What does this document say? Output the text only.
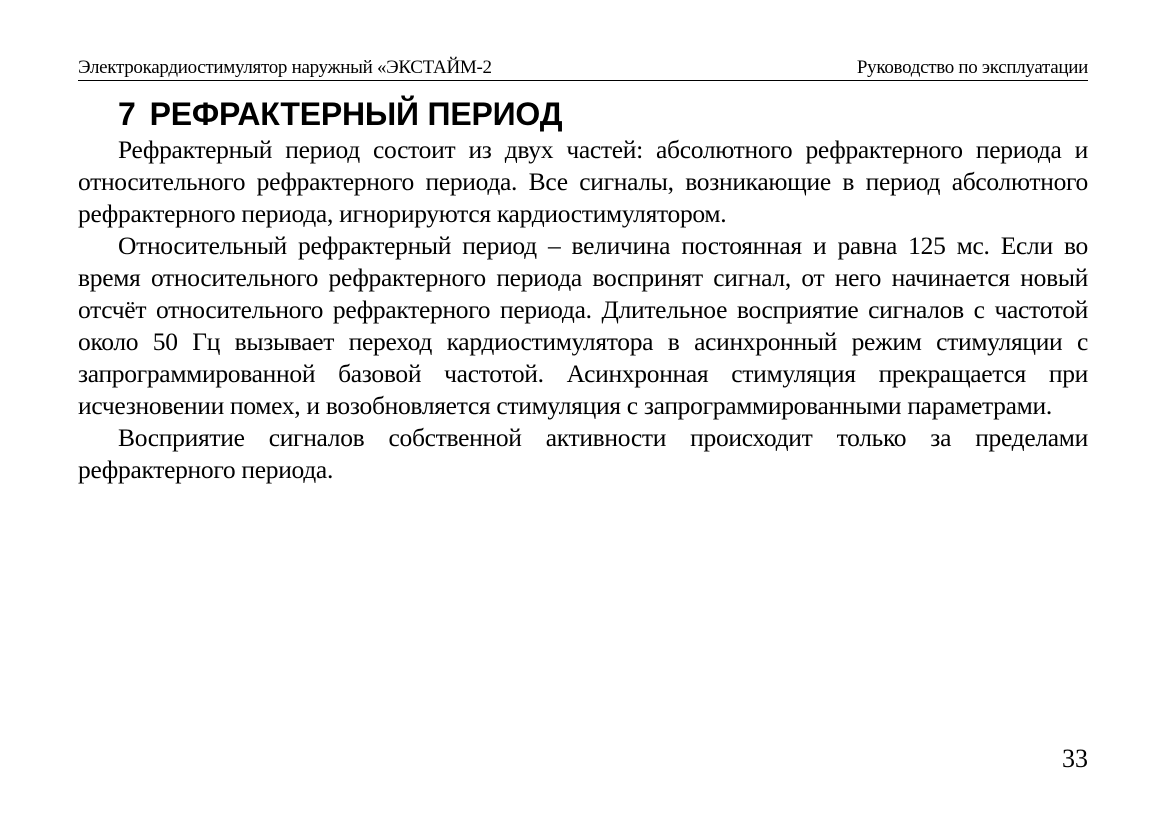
Электрокардиостимулятор наружный «ЭКСТАЙМ-2	Руководство по эксплуатации
7 РЕФРАКТЕРНЫЙ ПЕРИОД

Рефрактерный период состоит из двух частей: абсолютного рефрактерного периода и относительного рефрактерного периода. Все сигналы, возникающие в период абсолютного рефрактерного периода, игнорируются кардиостимулятором.

Относительный рефрактерный период – величина постоянная и равна 125 мс. Если во время относительного рефрактерного периода воспринят сигнал, от него начинается новый отсчёт относительного рефрактерного периода. Длительное восприятие сигналов с частотой около 50 Гц вызывает переход кардиостимулятора в асинхронный режим стимуляции с запрограммированной базовой частотой. Асинхронная стимуляция прекращается при исчезновении помех, и возобновляется стимуляция с запрограммированными параметрами.

Восприятие сигналов собственной активности происходит только за пределами рефрактерного периода.

33
